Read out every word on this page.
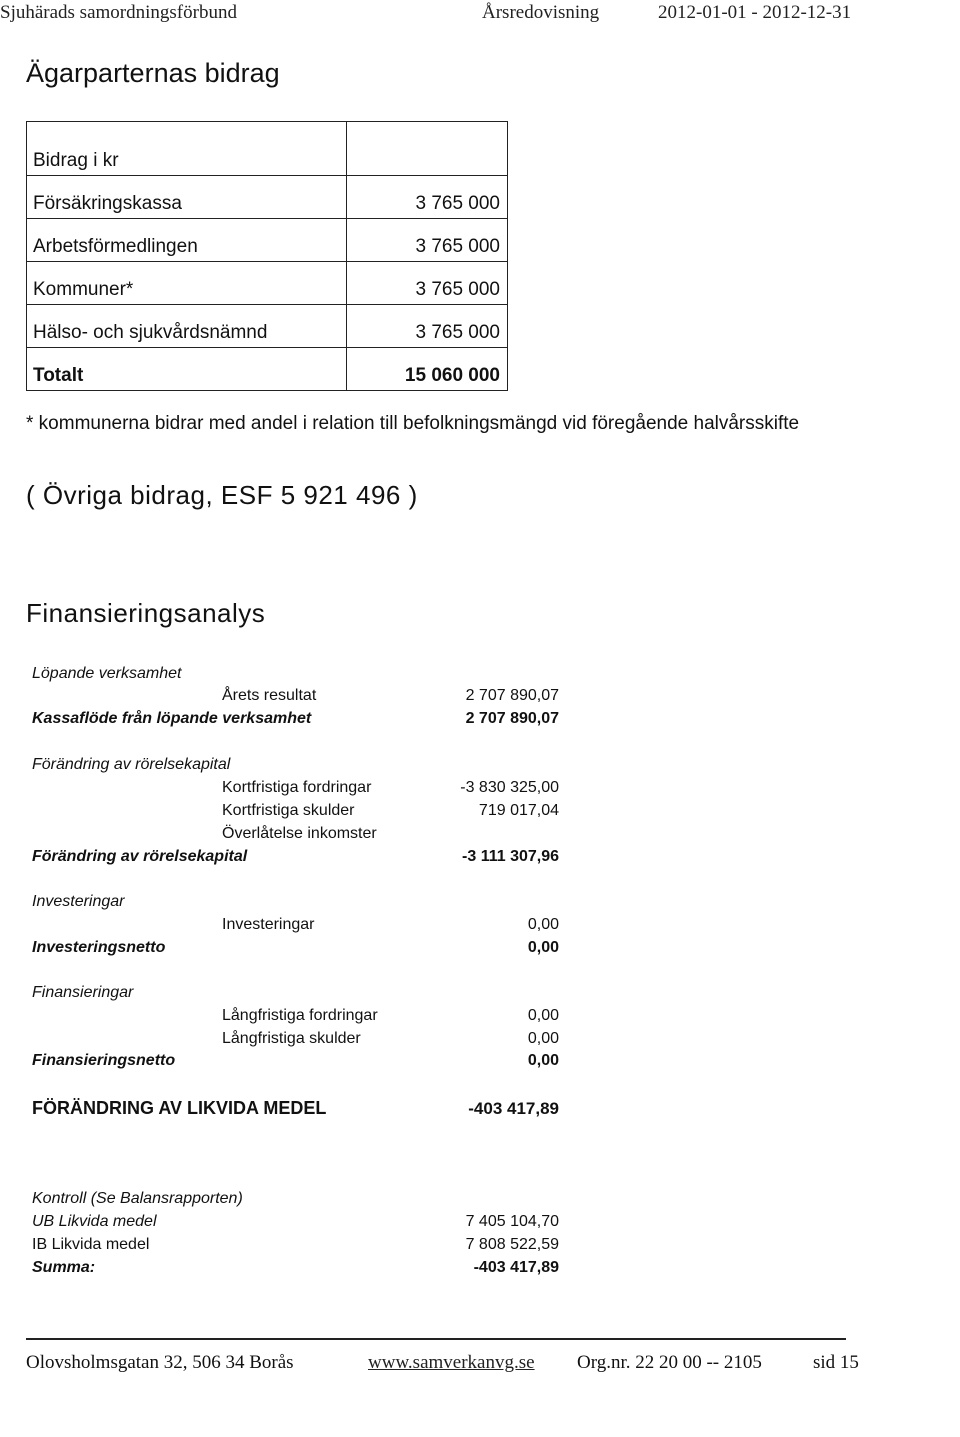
Sjuhärads samordningsförbund	Årsredovisning	2012-01-01 - 2012-12-31
Ägarparternas bidrag
Bidrag i kr	
Försäkringskassa	3 765 000
Arbetsförmedlingen	3 765 000
Kommuner*	3 765 000
Hälso- och sjukvårdsnämnd	3 765 000
Totalt	15 060 000
* kommunerna bidrar med andel i relation till befolkningsmängd vid föregående halvårsskifte
( Övriga bidrag, ESF 5 921 496 )
Finansieringsanalys
Löpande verksamhet
Årets resultat	2 707 890,07
Kassaflöde från löpande verksamhet	2 707 890,07
Förändring av rörelsekapital
Kortfristiga fordringar	-3 830 325,00
Kortfristiga skulder	719 017,04
Överlåtelse inkomster
Förändring av rörelsekapital	-3 111 307,96
Investeringar
Investeringar	0,00
Investeringsnetto	0,00
Finansieringar
Långfristiga fordringar	0,00
Långfristiga skulder	0,00
Finansieringsnetto	0,00
FÖRÄNDRING AV LIKVIDA MEDEL	-403 417,89
Kontroll (Se Balansrapporten)
UB Likvida medel	7 405 104,70
IB Likvida medel	7 808 522,59
Summa:	-403 417,89
Olovsholmsgatan 32, 506 34 Borås	www.samverkanvg.se Org.nr. 22 20 00 -- 2105	sid 15
